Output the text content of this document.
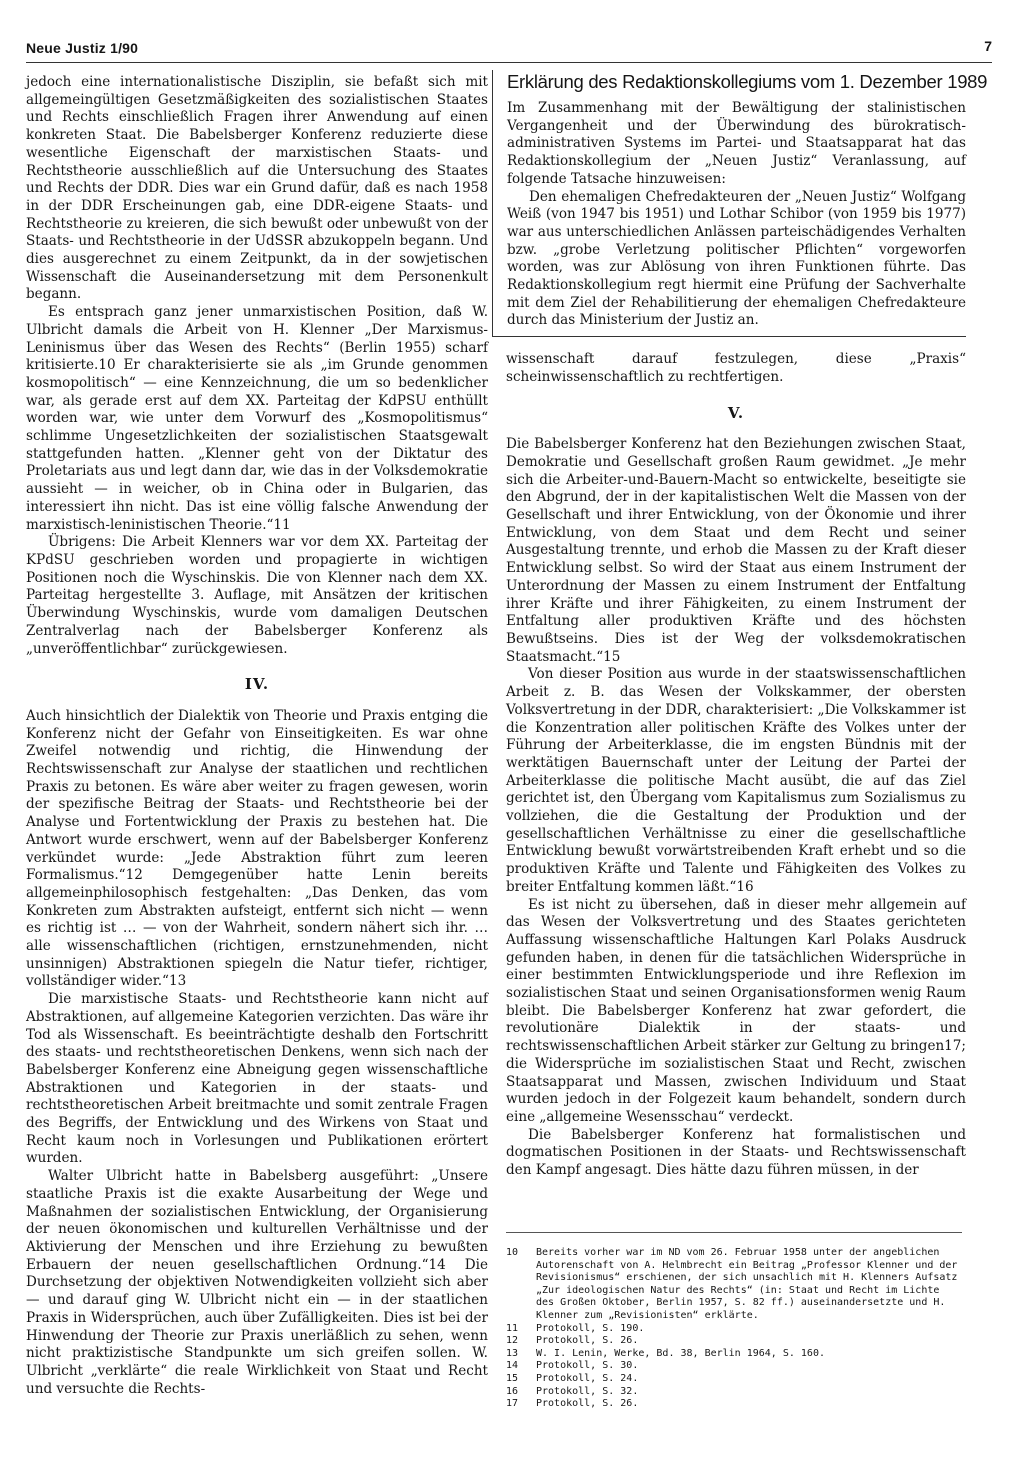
Neue Justiz 1/90	7

jedoch eine internationalistische Disziplin, sie befaßt sich mit allgemeingültigen Gesetzmäßigkeiten des sozialistischen Staates und Rechts einschließlich Fragen ihrer Anwendung auf einen konkreten Staat. Die Babelsberger Konferenz reduzierte diese wesentliche Eigenschaft der marxistischen Staats- und Rechtstheorie ausschließlich auf die Untersuchung des Staates und Rechts der DDR. Dies war ein Grund dafür, daß es nach 1958 in der DDR Erscheinungen gab, eine DDR-eigene Staats- und Rechtstheorie zu kreieren, die sich bewußt oder unbewußt von der Staats- und Rechtstheorie in der UdSSR abzukoppeln begann. Und dies ausgerechnet zu einem Zeitpunkt, da in der sowjetischen Wissenschaft die Auseinandersetzung mit dem Personenkult begann.

Es entsprach ganz jener unmarxistischen Position, daß W. Ulbricht damals die Arbeit von H. Klenner „Der Marxismus-Leninismus über das Wesen des Rechts“ (Berlin 1955) scharf kritisierte.10 Er charakterisierte sie als „im Grunde genommen kosmopolitisch“ — eine Kennzeichnung, die um so bedenklicher war, als gerade erst auf dem XX. Parteitag der KdPSU enthüllt worden war, wie unter dem Vorwurf des „Kosmopolitismus“ schlimme Ungesetzlichkeiten der sozialistischen Staatsgewalt stattgefunden hatten. „Klenner geht von der Diktatur des Proletariats aus und legt dann dar, wie das in der Volksdemokratie aussieht — in weicher, ob in China oder in Bulgarien, das interessiert ihn nicht. Das ist eine völlig falsche Anwendung der marxistisch-leninistischen Theorie.“11

Übrigens: Die Arbeit Klenners war vor dem XX. Parteitag der KPdSU geschrieben worden und propagierte in wichtigen Positionen noch die Wyschinskis. Die von Klenner nach dem XX. Parteitag hergestellte 3. Auflage, mit Ansätzen der kritischen Überwindung Wyschinskis, wurde vom damaligen Deutschen Zentralverlag nach der Babelsberger Konferenz als „unveröffentlichbar“ zurückgewiesen.

IV.

Auch hinsichtlich der Dialektik von Theorie und Praxis entging die Konferenz nicht der Gefahr von Einseitigkeiten. Es war ohne Zweifel notwendig und richtig, die Hinwendung der Rechtswissenschaft zur Analyse der staatlichen und rechtlichen Praxis zu betonen. Es wäre aber weiter zu fragen gewesen, worin der spezifische Beitrag der Staats- und Rechtstheorie bei der Analyse und Fortentwicklung der Praxis zu bestehen hat. Die Antwort wurde erschwert, wenn auf der Babelsberger Konferenz verkündet wurde: „Jede Abstraktion führt zum leeren Formalismus.“12 Demgegenüber hatte Lenin bereits allgemeinphilosophisch festgehalten: „Das Denken, das vom Konkreten zum Abstrakten aufsteigt, entfernt sich nicht — wenn es richtig ist … — von der Wahrheit, sondern nähert sich ihr. … alle wissenschaftlichen (richtigen, ernstzunehmenden, nicht unsinnigen) Abstraktionen spiegeln die Natur tiefer, richtiger, vollständiger wider.“13

Die marxistische Staats- und Rechtstheorie kann nicht auf Abstraktionen, auf allgemeine Kategorien verzichten. Das wäre ihr Tod als Wissenschaft. Es beeinträchtigte deshalb den Fortschritt des staats- und rechtstheoretischen Denkens, wenn sich nach der Babelsberger Konferenz eine Abneigung gegen wissenschaftliche Abstraktionen und Kategorien in der staats- und rechtstheoretischen Arbeit breitmachte und somit zentrale Fragen des Begriffs, der Entwicklung und des Wirkens von Staat und Recht kaum noch in Vorlesungen und Publikationen erörtert wurden.

Walter Ulbricht hatte in Babelsberg ausgeführt: „Unsere staatliche Praxis ist die exakte Ausarbeitung der Wege und Maßnahmen der sozialistischen Entwicklung, der Organisierung der neuen ökonomischen und kulturellen Verhältnisse und der Aktivierung der Menschen und ihre Erziehung zu bewußten Erbauern der neuen gesellschaftlichen Ordnung.“14 Die Durchsetzung der objektiven Notwendigkeiten vollzieht sich aber — und darauf ging W. Ulbricht nicht ein — in der staatlichen Praxis in Widersprüchen, auch über Zufälligkeiten. Dies ist bei der Hinwendung der Theorie zur Praxis unerläßlich zu sehen, wenn nicht praktizistische Standpunkte um sich greifen sollen. W. Ulbricht „verklärte“ die reale Wirklichkeit von Staat und Recht und versuchte die Rechts-

Erklärung des Redaktionskollegiums vom 1. Dezember 1989

Im Zusammenhang mit der Bewältigung der stalinistischen Vergangenheit und der Überwindung des bürokratisch-administrativen Systems im Partei- und Staatsapparat hat das Redaktionskollegium der „Neuen Justiz“ Veranlassung, auf folgende Tatsache hinzuweisen:

Den ehemaligen Chefredakteuren der „Neuen Justiz“ Wolfgang Weiß (von 1947 bis 1951) und Lothar Schibor (von 1959 bis 1977) war aus unterschiedlichen Anlässen parteischädigendes Verhalten bzw. „grobe Verletzung politischer Pflichten“ vorgeworfen worden, was zur Ablösung von ihren Funktionen führte. Das Redaktionskollegium regt hiermit eine Prüfung der Sachverhalte mit dem Ziel der Rehabilitierung der ehemaligen Chefredakteure durch das Ministerium der Justiz an.

wissenschaft darauf festzulegen, diese „Praxis“ scheinwissenschaftlich zu rechtfertigen.

V.

Die Babelsberger Konferenz hat den Beziehungen zwischen Staat, Demokratie und Gesellschaft großen Raum gewidmet. „Je mehr sich die Arbeiter-und-Bauern-Macht so entwickelte, beseitigte sie den Abgrund, der in der kapitalistischen Welt die Massen von der Gesellschaft und ihrer Entwicklung, von der Ökonomie und ihrer Entwicklung, von dem Staat und dem Recht und seiner Ausgestaltung trennte, und erhob die Massen zu der Kraft dieser Entwicklung selbst. So wird der Staat aus einem Instrument der Unterordnung der Massen zu einem Instrument der Entfaltung ihrer Kräfte und ihrer Fähigkeiten, zu einem Instrument der Entfaltung aller produktiven Kräfte und des höchsten Bewußtseins. Dies ist der Weg der volksdemokratischen Staatsmacht.“15

Von dieser Position aus wurde in der staatswissenschaftlichen Arbeit z. B. das Wesen der Volkskammer, der obersten Volksvertretung in der DDR, charakterisiert: „Die Volkskammer ist die Konzentration aller politischen Kräfte des Volkes unter der Führung der Arbeiterklasse, die im engsten Bündnis mit der werktätigen Bauernschaft unter der Leitung der Partei der Arbeiterklasse die politische Macht ausübt, die auf das Ziel gerichtet ist, den Übergang vom Kapitalismus zum Sozialismus zu vollziehen, die die Gestaltung der Produktion und der gesellschaftlichen Verhältnisse zu einer die gesellschaftliche Entwicklung bewußt vorwärtstreibenden Kraft erhebt und so die produktiven Kräfte und Talente und Fähigkeiten des Volkes zu breiter Entfaltung kommen läßt.“16

Es ist nicht zu übersehen, daß in dieser mehr allgemein auf das Wesen der Volksvertretung und des Staates gerichteten Auffassung wissenschaftliche Haltungen Karl Polaks Ausdruck gefunden haben, in denen für die tatsächlichen Widersprüche in einer bestimmten Entwicklungsperiode und ihre Reflexion im sozialistischen Staat und seinen Organisationsformen wenig Raum bleibt. Die Babelsberger Konferenz hat zwar gefordert, die revolutionäre Dialektik in der staats- und rechtswissenschaftlichen Arbeit stärker zur Geltung zu bringen17; die Widersprüche im sozialistischen Staat und Recht, zwischen Staatsapparat und Massen, zwischen Individuum und Staat wurden jedoch in der Folgezeit kaum behandelt, sondern durch eine „allgemeine Wesensschau“ verdeckt.

Die Babelsberger Konferenz hat formalistischen und dogmatischen Positionen in der Staats- und Rechtswissenschaft den Kampf angesagt. Dies hätte dazu führen müssen, in der

10	Bereits vorher war im ND vom 26. Februar 1958 unter der angeblichen Autorenschaft von A. Helmbrecht ein Beitrag „Professor Klenner und der Revisionismus“ erschienen, der sich unsachlich mit H. Klenners Aufsatz „Zur ideologischen Natur des Rechts“ (in: Staat und Recht im Lichte des Großen Oktober, Berlin 1957, S. 82 ff.) auseinandersetzte und H. Klenner zum „Revisionisten“ erklärte.
11	Protokoll, S. 190.
12	Protokoll, S. 26.
13	W. I. Lenin, Werke, Bd. 38, Berlin 1964, S. 160.
14	Protokoll, S. 30.
15	Protokoll, S. 24.
16	Protokoll, S. 32.
17	Protokoll, S. 26.
